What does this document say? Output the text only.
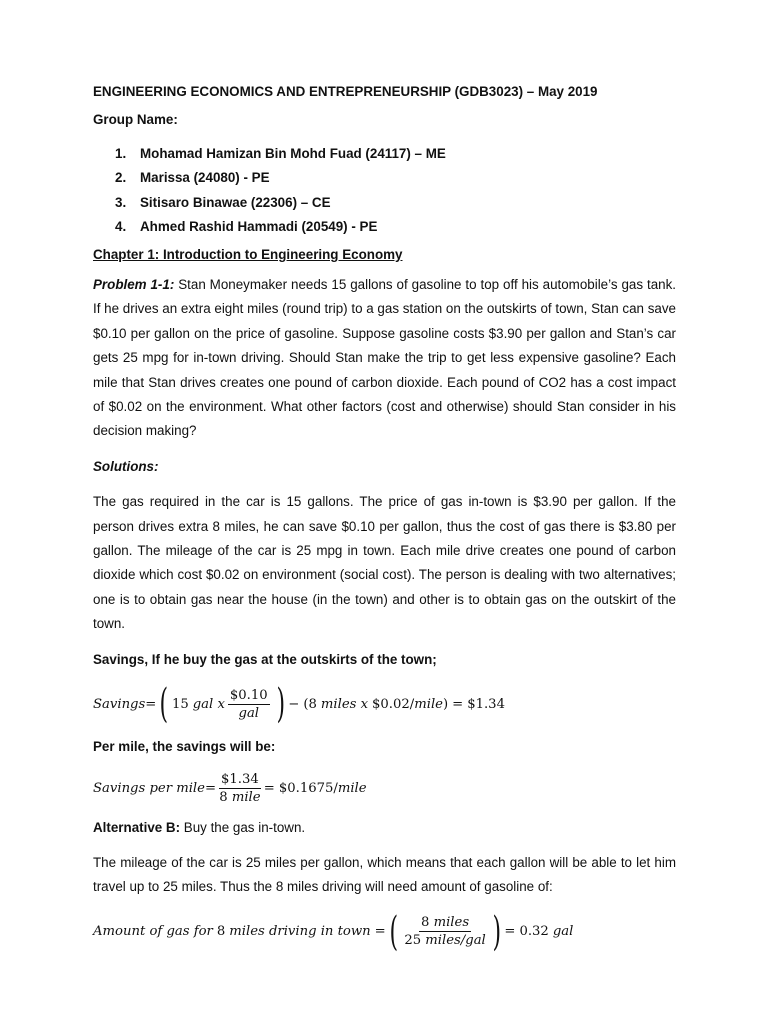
ENGINEERING ECONOMICS AND ENTREPRENEURSHIP (GDB3023) – May 2019

Group Name:

1.	Mohamad Hamizan Bin Mohd Fuad (24117) – ME
2.	Marissa (24080) - PE
3.	Sitisaro Binawae (22306) – CE
4.	Ahmed Rashid Hammadi (20549) - PE

Chapter 1: Introduction to Engineering Economy

Problem 1-1: Stan Moneymaker needs 15 gallons of gasoline to top off his automobile’s gas tank. If he drives an extra eight miles (round trip) to a gas station on the outskirts of town, Stan can save $0.10 per gallon on the price of gasoline. Suppose gasoline costs $3.90 per gallon and Stan’s car gets 25 mpg for in-town driving. Should Stan make the trip to get less expensive gasoline? Each mile that Stan drives creates one pound of carbon dioxide. Each pound of CO2 has a cost impact of $0.02 on the environment. What other factors (cost and otherwise) should Stan consider in his decision making?

Solutions:

The gas required in the car is 15 gallons. The price of gas in-town is $3.90 per gallon. If the person drives extra 8 miles, he can save $0.10 per gallon, thus the cost of gas there is $3.80 per gallon. The mileage of the car is 25 mpg in town. Each mile drive creates one pound of carbon dioxide which cost $0.02 on environment (social cost). The person is dealing with two alternatives; one is to obtain gas near the house (in the town) and other is to obtain gas on the outskirt of the town.

Savings, If he buy the gas at the outskirts of the town;

Savings = ( 15 gal x $\frac{\$0.10}{\text{gal}}$ ) − ( 8 miles x $0.02/ mile ) = $1.34

Per mile, the savings will be:

Savings per mile = $\frac{\$1.34}{\text{8 mile}}$ = $0.1675/ mile

Alternative B: Buy the gas in-town.

The mileage of the car is 25 miles per gallon, which means that each gallon will be able to let him travel up to 25 miles. Thus the 8 miles driving will need amount of gasoline of:

Amount of gas for 8 miles driving in town = ( $\frac{\text{8 miles}}{\text{25 miles/gal}}$ ) = 0.32 gal
